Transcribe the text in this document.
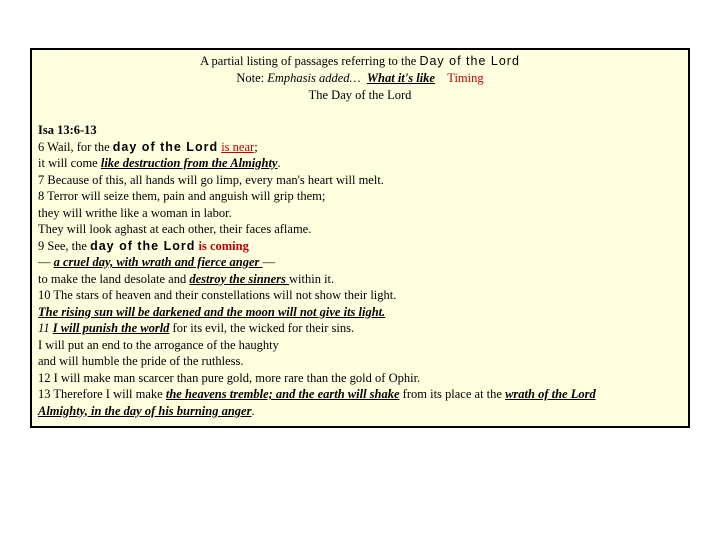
A partial listing of passages referring to the Day of the Lord
Note: Emphasis added… What it's like Timing
The Day of the Lord
Isa 13:6-13
6 Wail, for the day of the Lord is near;
it will come like destruction from the Almighty.
7 Because of this, all hands will go limp, every man's heart will melt.
8 Terror will seize them, pain and anguish will grip them;
they will writhe like a woman in labor.
They will look aghast at each other, their faces aflame.
9 See, the day of the Lord is coming
— a cruel day, with wrath and fierce anger —
to make the land desolate and destroy the sinners within it.
10 The stars of heaven and their constellations will not show their light.
The rising sun will be darkened and the moon will not give its light.
11 I will punish the world for its evil, the wicked for their sins.
I will put an end to the arrogance of the haughty
and will humble the pride of the ruthless.
12 I will make man scarcer than pure gold, more rare than the gold of Ophir.
13 Therefore I will make the heavens tremble; and the earth will shake from its place at the wrath of the Lord
Almighty, in the day of his burning anger.
